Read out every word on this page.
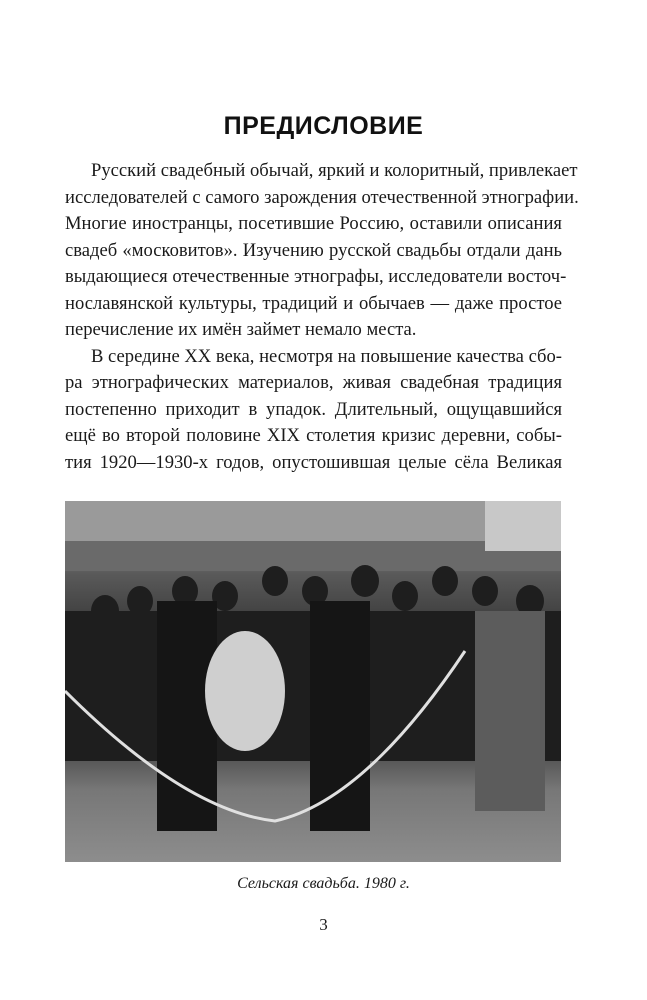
ПРЕДИСЛОВИЕ
Русский свадебный обычай, яркий и колоритный, привлекает
исследователей с самого зарождения отечественной этнографии.
Многие иностранцы, посетившие Россию, оставили описания
свадеб «московитов». Изучению русской свадьбы отдали дань
выдающиеся отечественные этнографы, исследователи восточ-
нославянской культуры, традиций и обычаев — даже простое
перечисление их имён займет немало места.
В середине XX века, несмотря на повышение качества сбо-
ра этнографических материалов, живая свадебная традиция
постепенно приходит в упадок. Длительный, ощущавшийся
ещё во второй половине XIX столетия кризис деревни, собы-
тия 1920—1930-х годов, опустошившая целые сёла Великая
Сельская свадьба. 1980 г.
3
